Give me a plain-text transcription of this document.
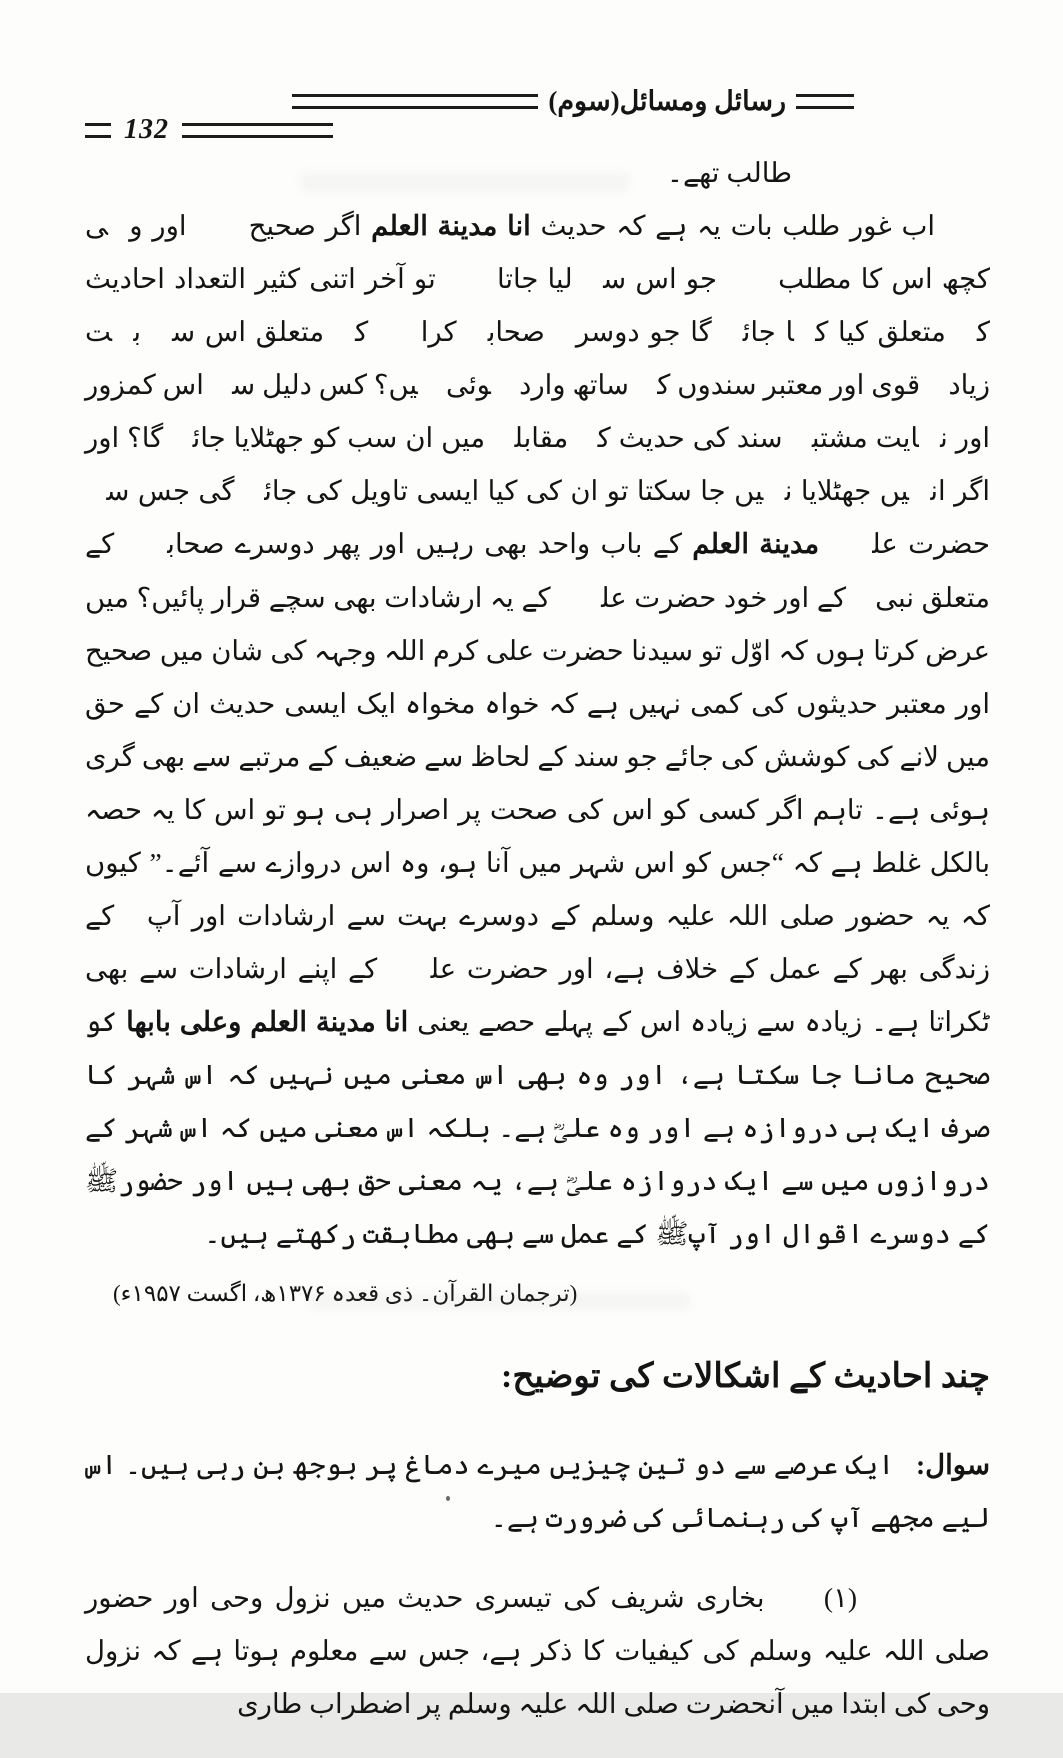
رسائل ومسائل(سوم)
132
طالب تھے۔

اب غور طلب بات یہ ہے کہ حدیث انا مدینة العلم اگر صحیح ہے اور وہی کچھ اس کا مطلب ہے جو اس سے لیا جاتا ہے تو آخر اتنی کثیر التعداد احادیث کے متعلق کیا کہا جائے گا جو دوسرے صحابہ کرامؓ کے متعلق اس سے بہت زیادہ قوی اور معتبر سندوں کے ساتھ وارد ہوئی ہیں؟ کس دلیل سے اس کمزور اور نہایت مشتبہ سند کی حدیث کے مقابلے میں ان سب کو جھٹلایا جائے گا؟ اور اگر انہیں جھٹلایا نہیں جا سکتا تو ان کی کیا ایسی تاویل کی جائے گی جس سے حضرت علیؓ مدینة العلم کے باب واحد بھی رہیں اور پھر دوسرے صحابہؓ کے متعلق نبیﷺ کے اور خود حضرت علیؓ کے یہ ارشادات بھی سچے قرار پائیں؟ میں عرض کرتا ہوں کہ اوّل تو سیدنا حضرت علی کرم اللہ وجہہ کی شان میں صحیح اور معتبر حدیثوں کی کمی نہیں ہے کہ خواہ مخواہ ایک ایسی حدیث ان کے حق میں لانے کی کوشش کی جائے جو سند کے لحاظ سے ضعیف کے مرتبے سے بھی گری ہوئی ہے۔ تاہم اگر کسی کو اس کی صحت پر اصرار ہی ہو تو اس کا یہ حصہ بالکل غلط ہے کہ “جس کو اس شہر میں آنا ہو، وہ اس دروازے سے آئے۔” کیوں کہ یہ حضور صلی اللہ علیہ وسلم کے دوسرے بہت سے ارشادات اور آپﷺ کے زندگی بھر کے عمل کے خلاف ہے، اور حضرت علیؓ کے اپنے ارشادات سے بھی ٹکراتا ہے۔ زیادہ سے زیادہ اس کے پہلے حصے یعنی انا مدینة العلم وعلی بابها کو صحیح مانا جا سکتا ہے، اور وہ بھی اس معنی میں نہیں کہ اس شہر کا صرف ایک ہی دروازہ ہے اور وہ علیؓ ہے۔ بلکہ اس معنی میں کہ اس شہر کے دروازوں میں سے ایک دروازہ علیؓ ہے، یہ معنی حق بھی ہیں اور حضورﷺ کے دوسرے اقوال اور آپﷺ کے عمل سے بھی مطابقت رکھتے ہیں۔

(ترجمان القرآن۔ ذی قعدہ ۱۳۷۶ھ، اگست ۱۹۵۷ء)
چند احادیث کے اشکالات کی توضیح:

سوال: ایک عرصے سے دو تین چیزیں میرے دماغ پر بوجھ بن رہی ہیں۔ اس لیے مجھے آپ کی رہنمائی کی ضرورت ہے۔

(۱) بخاری شریف کی تیسری حدیث میں نزول وحی اور حضور صلی اللہ علیہ وسلم کی کیفیات کا ذکر ہے، جس سے معلوم ہوتا ہے کہ نزول وحی کی ابتدا میں آنحضرت صلی اللہ علیہ وسلم پر اضطراب طاری
